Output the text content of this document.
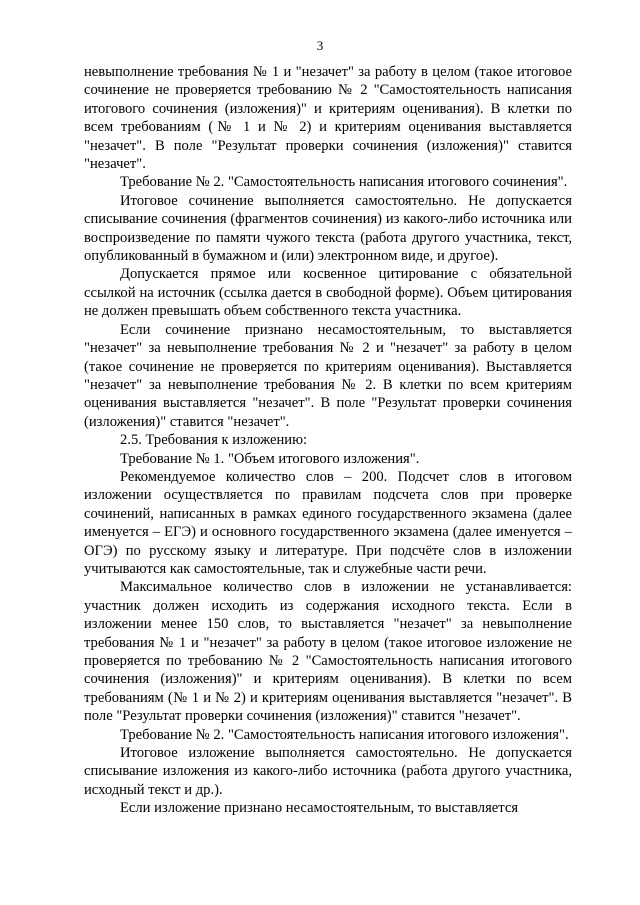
3

невыполнение требования № 1 и "незачет" за работу в целом (такое итоговое сочинение не проверяется требованию № 2 "Самостоятельность написания итогового сочинения (изложения)" и критериям оценивания). В клетки по всем требованиям (№ 1 и № 2) и критериям оценивания выставляется "незачет". В поле "Результат проверки сочинения (изложения)" ставится "незачет".

Требование № 2. "Самостоятельность написания итогового сочинения".

Итоговое сочинение выполняется самостоятельно. Не допускается списывание сочинения (фрагментов сочинения) из какого-либо источника или воспроизведение по памяти чужого текста (работа другого участника, текст, опубликованный в бумажном и (или) электронном виде, и другое).

Допускается прямое или косвенное цитирование с обязательной ссылкой на источник (ссылка дается в свободной форме). Объем цитирования не должен превышать объем собственного текста участника.

Если сочинение признано несамостоятельным, то выставляется "незачет" за невыполнение требования № 2 и "незачет" за работу в целом (такое сочинение не проверяется по критериям оценивания). Выставляется "незачет" за невыполнение требования № 2. В клетки по всем критериям оценивания выставляется "незачет". В поле "Результат проверки сочинения (изложения)" ставится "незачет".

2.5. Требования к изложению:

Требование № 1. "Объем итогового изложения".

Рекомендуемое количество слов – 200. Подсчет слов в итоговом изложении осуществляется по правилам подсчета слов при проверке сочинений, написанных в рамках единого государственного экзамена (далее именуется – ЕГЭ) и основного государственного экзамена (далее именуется – ОГЭ) по русскому языку и литературе. При подсчёте слов в изложении учитываются как самостоятельные, так и служебные части речи.

Максимальное количество слов в изложении не устанавливается: участник должен исходить из содержания исходного текста. Если в изложении менее 150 слов, то выставляется "незачет" за невыполнение требования № 1 и "незачет" за работу в целом (такое итоговое изложение не проверяется по требованию № 2 "Самостоятельность написания итогового сочинения (изложения)" и критериям оценивания). В клетки по всем требованиям (№ 1 и № 2) и критериям оценивания выставляется "незачет". В поле "Результат проверки сочинения (изложения)" ставится "незачет".

Требование № 2. "Самостоятельность написания итогового изложения".

Итоговое изложение выполняется самостоятельно. Не допускается списывание изложения из какого-либо источника (работа другого участника, исходный текст и др.).

Если изложение признано несамостоятельным, то выставляется
